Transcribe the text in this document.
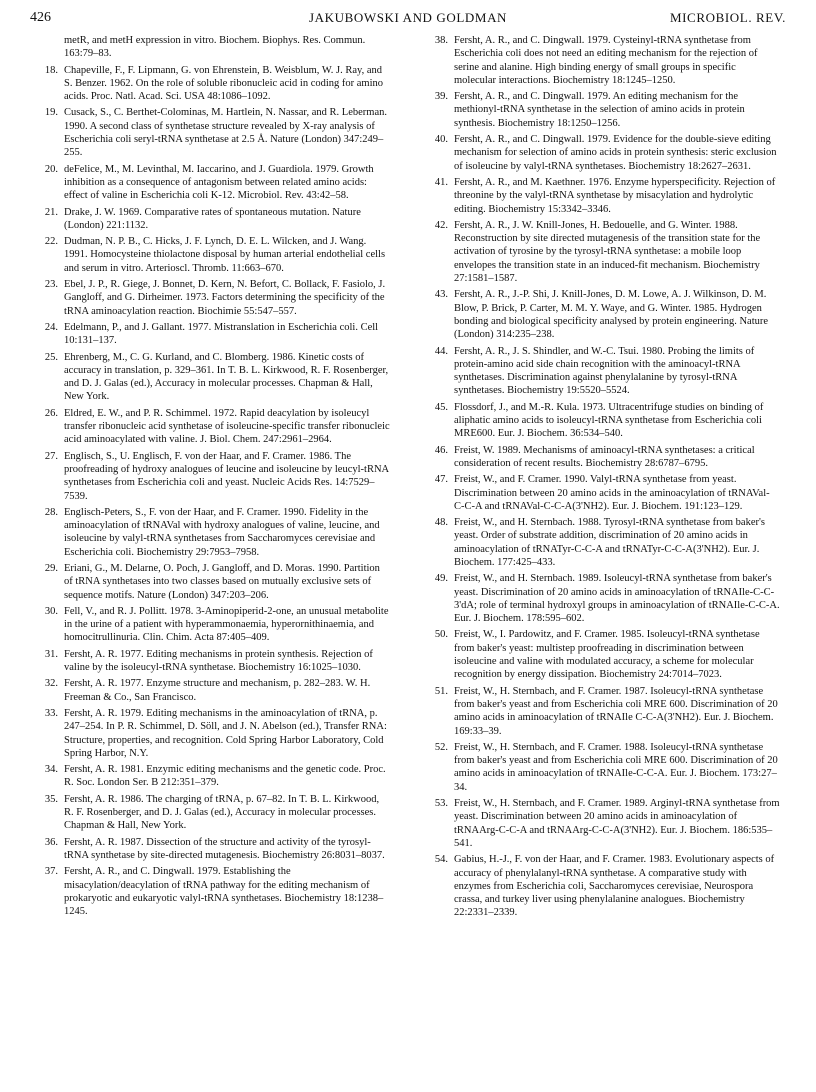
426	JAKUBOWSKI AND GOLDMAN	MICROBIOL. REV.
metR, and metH expression in vitro. Biochem. Biophys. Res. Commun. 163:79–83.
18. Chapeville, F., F. Lipmann, G. von Ehrenstein, B. Weisblum, W. J. Ray, and S. Benzer. 1962. On the role of soluble ribonucleic acid in coding for amino acids. Proc. Natl. Acad. Sci. USA 48:1086–1092.
19. Cusack, S., C. Berthet-Colominas, M. Hartlein, N. Nassar, and R. Leberman. 1990. A second class of synthetase structure revealed by X-ray analysis of Escherichia coli seryl-tRNA synthetase at 2.5 Å. Nature (London) 347:249–255.
20. deFelice, M., M. Levinthal, M. Iaccarino, and J. Guardiola. 1979. Growth inhibition as a consequence of antagonism between related amino acids: effect of valine in Escherichia coli K-12. Microbiol. Rev. 43:42–58.
21. Drake, J. W. 1969. Comparative rates of spontaneous mutation. Nature (London) 221:1132.
22. Dudman, N. P. B., C. Hicks, J. F. Lynch, D. E. L. Wilcken, and J. Wang. 1991. Homocysteine thiolactone disposal by human arterial endothelial cells and serum in vitro. Arterioscl. Thromb. 11:663–670.
23. Ebel, J. P., R. Giege, J. Bonnet, D. Kern, N. Befort, C. Bollack, F. Fasiolo, J. Gangloff, and G. Dirheimer. 1973. Factors determining the specificity of the tRNA aminoacylation reaction. Biochimie 55:547–557.
24. Edelmann, P., and J. Gallant. 1977. Mistranslation in Escherichia coli. Cell 10:131–137.
25. Ehrenberg, M., C. G. Kurland, and C. Blomberg. 1986. Kinetic costs of accuracy in translation, p. 329–361. In T. B. L. Kirkwood, R. F. Rosenberger, and D. J. Galas (ed.), Accuracy in molecular processes. Chapman & Hall, New York.
26. Eldred, E. W., and P. R. Schimmel. 1972. Rapid deacylation by isoleucyl transfer ribonucleic acid synthetase of isoleucine-specific transfer ribonucleic acid aminoacylated with valine. J. Biol. Chem. 247:2961–2964.
27. Englisch, S., U. Englisch, F. von der Haar, and F. Cramer. 1986. The proofreading of hydroxy analogues of leucine and isoleucine by leucyl-tRNA synthetases from Escherichia coli and yeast. Nucleic Acids Res. 14:7529–7539.
28. Englisch-Peters, S., F. von der Haar, and F. Cramer. 1990. Fidelity in the aminoacylation of tRNAVal with hydroxy analogues of valine, leucine, and isoleucine by valyl-tRNA synthetases from Saccharomyces cerevisiae and Escherichia coli. Biochemistry 29:7953–7958.
29. Eriani, G., M. Delarne, O. Poch, J. Gangloff, and D. Moras. 1990. Partition of tRNA synthetases into two classes based on mutually exclusive sets of sequence motifs. Nature (London) 347:203–206.
30. Fell, V., and R. J. Pollitt. 1978. 3-Aminopiperid-2-one, an unusual metabolite in the urine of a patient with hyperammonaemia, hyperornithinaemia, and homocitrullinuria. Clin. Chim. Acta 87:405–409.
31. Fersht, A. R. 1977. Editing mechanisms in protein synthesis. Rejection of valine by the isoleucyl-tRNA synthetase. Biochemistry 16:1025–1030.
32. Fersht, A. R. 1977. Enzyme structure and mechanism, p. 282–283. W. H. Freeman & Co., San Francisco.
33. Fersht, A. R. 1979. Editing mechanisms in the aminoacylation of tRNA, p. 247–254. In P. R. Schimmel, D. Söll, and J. N. Abelson (ed.), Transfer RNA: Structure, properties, and recognition. Cold Spring Harbor Laboratory, Cold Spring Harbor, N.Y.
34. Fersht, A. R. 1981. Enzymic editing mechanisms and the genetic code. Proc. R. Soc. London Ser. B 212:351–379.
35. Fersht, A. R. 1986. The charging of tRNA, p. 67–82. In T. B. L. Kirkwood, R. F. Rosenberger, and D. J. Galas (ed.), Accuracy in molecular processes. Chapman & Hall, New York.
36. Fersht, A. R. 1987. Dissection of the structure and activity of the tyrosyl-tRNA synthetase by site-directed mutagenesis. Biochemistry 26:8031–8037.
37. Fersht, A. R., and C. Dingwall. 1979. Establishing the misacylation/deacylation of tRNA pathway for the editing mechanism of prokaryotic and eukaryotic valyl-tRNA synthetases. Biochemistry 18:1238–1245.
38. Fersht, A. R., and C. Dingwall. 1979. Cysteinyl-tRNA synthetase from Escherichia coli does not need an editing mechanism for the rejection of serine and alanine. High binding energy of small groups in specific molecular interactions. Biochemistry 18:1245–1250.
39. Fersht, A. R., and C. Dingwall. 1979. An editing mechanism for the methionyl-tRNA synthetase in the selection of amino acids in protein synthesis. Biochemistry 18:1250–1256.
40. Fersht, A. R., and C. Dingwall. 1979. Evidence for the double-sieve editing mechanism for selection of amino acids in protein synthesis: steric exclusion of isoleucine by valyl-tRNA synthetases. Biochemistry 18:2627–2631.
41. Fersht, A. R., and M. Kaethner. 1976. Enzyme hyperspecificity. Rejection of threonine by the valyl-tRNA synthetase by misacylation and hydrolytic editing. Biochemistry 15:3342–3346.
42. Fersht, A. R., J. W. Knill-Jones, H. Bedouelle, and G. Winter. 1988. Reconstruction by site directed mutagenesis of the transition state for the activation of tyrosine by the tyrosyl-tRNA synthetase: a mobile loop envelopes the transition state in an induced-fit mechanism. Biochemistry 27:1581–1587.
43. Fersht, A. R., J.-P. Shi, J. Knill-Jones, D. M. Lowe, A. J. Wilkinson, D. M. Blow, P. Brick, P. Carter, M. M. Y. Waye, and G. Winter. 1985. Hydrogen bonding and biological specificity analysed by protein engineering. Nature (London) 314:235–238.
44. Fersht, A. R., J. S. Shindler, and W.-C. Tsui. 1980. Probing the limits of protein-amino acid side chain recognition with the aminoacyl-tRNA synthetases. Discrimination against phenylalanine by tyrosyl-tRNA synthetases. Biochemistry 19:5520–5524.
45. Flossdorf, J., and M.-R. Kula. 1973. Ultracentrifuge studies on binding of aliphatic amino acids to isoleucyl-tRNA synthetase from Escherichia coli MRE600. Eur. J. Biochem. 36:534–540.
46. Freist, W. 1989. Mechanisms of aminoacyl-tRNA synthetases: a critical consideration of recent results. Biochemistry 28:6787–6795.
47. Freist, W., and F. Cramer. 1990. Valyl-tRNA synthetase from yeast. Discrimination between 20 amino acids in the aminoacylation of tRNAVal-C-C-A and tRNAVal-C-C-A(3'NH2). Eur. J. Biochem. 191:123–129.
48. Freist, W., and H. Sternbach. 1988. Tyrosyl-tRNA synthetase from baker's yeast. Order of substrate addition, discrimination of 20 amino acids in aminoacylation of tRNATyr-C-C-A and tRNATyr-C-C-A(3'NH2). Eur. J. Biochem. 177:425–433.
49. Freist, W., and H. Sternbach. 1989. Isoleucyl-tRNA synthetase from baker's yeast. Discrimination of 20 amino acids in aminoacylation of tRNAIle-C-C-3'dA; role of terminal hydroxyl groups in aminoacylation of tRNAIle-C-C-A. Eur. J. Biochem. 178:595–602.
50. Freist, W., I. Pardowitz, and F. Cramer. 1985. Isoleucyl-tRNA synthetase from baker's yeast: multistep proofreading in discrimination between isoleucine and valine with modulated accuracy, a scheme for molecular recognition by energy dissipation. Biochemistry 24:7014–7023.
51. Freist, W., H. Sternbach, and F. Cramer. 1987. Isoleucyl-tRNA synthetase from baker's yeast and from Escherichia coli MRE 600. Discrimination of 20 amino acids in aminoacylation of tRNAIle C-C-A(3'NH2). Eur. J. Biochem. 169:33–39.
52. Freist, W., H. Sternbach, and F. Cramer. 1988. Isoleucyl-tRNA synthetase from baker's yeast and from Escherichia coli MRE 600. Discrimination of 20 amino acids in aminoacylation of tRNAIle-C-C-A. Eur. J. Biochem. 173:27–34.
53. Freist, W., H. Sternbach, and F. Cramer. 1989. Arginyl-tRNA synthetase from yeast. Discrimination between 20 amino acids in aminoacylation of tRNAArg-C-C-A and tRNAArg-C-C-A(3'NH2). Eur. J. Biochem. 186:535–541.
54. Gabius, H.-J., F. von der Haar, and F. Cramer. 1983. Evolutionary aspects of accuracy of phenylalanyl-tRNA synthetase. A comparative study with enzymes from Escherichia coli, Saccharomyces cerevisiae, Neurospora crassa, and turkey liver using phenylalanine analogues. Biochemistry 22:2331–2339.
